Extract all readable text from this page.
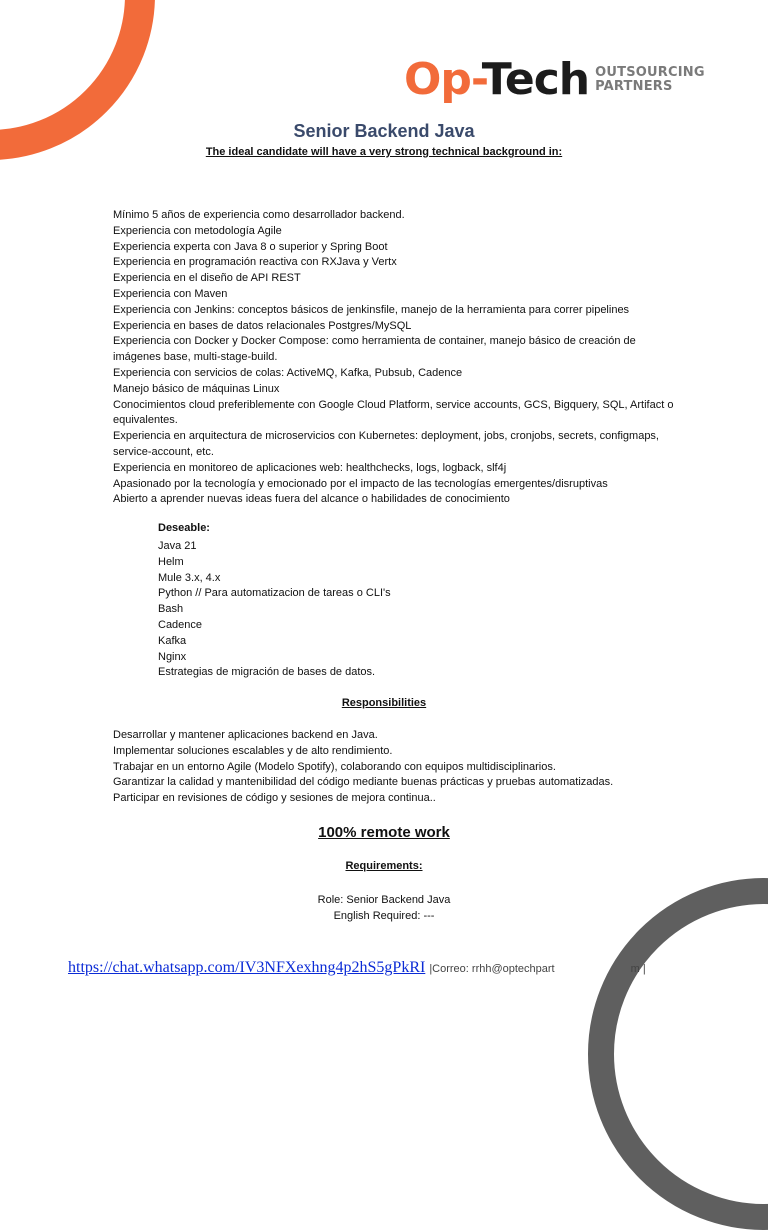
Op-Tech OUTSOURCING
PARTNERS
Senior Backend Java
The ideal candidate will have a very strong technical background in:
Mínimo 5 años de experiencia como desarrollador backend.
Experiencia con metodología Agile
Experiencia experta con Java 8 o superior y Spring Boot
Experiencia en programación reactiva con RXJava y Vertx
Experiencia en el diseño de API REST
Experiencia con Maven
Experiencia con Jenkins: conceptos básicos de jenkinsfile, manejo de la herramienta para correr pipelines
Experiencia en bases de datos relacionales Postgres/MySQL
Experiencia con Docker y Docker Compose: como herramienta de container, manejo básico de creación de
imágenes base, multi-stage-build.
Experiencia con servicios de colas: ActiveMQ, Kafka, Pubsub, Cadence
Manejo básico de máquinas Linux
Conocimientos cloud preferiblemente con Google Cloud Platform, service accounts, GCS, Bigquery, SQL, Artifact o
equivalentes.
Experiencia en arquitectura de microservicios con Kubernetes: deployment, jobs, cronjobs, secrets, configmaps,
service-account, etc.
Experiencia en monitoreo de aplicaciones web: healthchecks, logs, logback, slf4j
Apasionado por la tecnología y emocionado por el impacto de las tecnologías emergentes/disruptivas
Abierto a aprender nuevas ideas fuera del alcance o habilidades de conocimiento
Deseable:
Java 21
Helm
Mule 3.x, 4.x
Python // Para automatizacion de tareas o CLI's
Bash
Cadence
Kafka
Nginx
Estrategias de migración de bases de datos.
Responsibilities
Desarrollar y mantener aplicaciones backend en Java.
Implementar soluciones escalables y de alto rendimiento.
Trabajar en un entorno Agile (Modelo Spotify), colaborando con equipos multidisciplinarios.
Garantizar la calidad y mantenibilidad del código mediante buenas prácticas y pruebas automatizadas.
Participar en revisiones de código y sesiones de mejora continua..
100% remote work
Requirements:
Role: Senior Backend Java
English Required: ---
https://chat.whatsapp.com/IV3NFXexhng4p2hS5gPkRI |Correo: rrhh@optechpart	m |
